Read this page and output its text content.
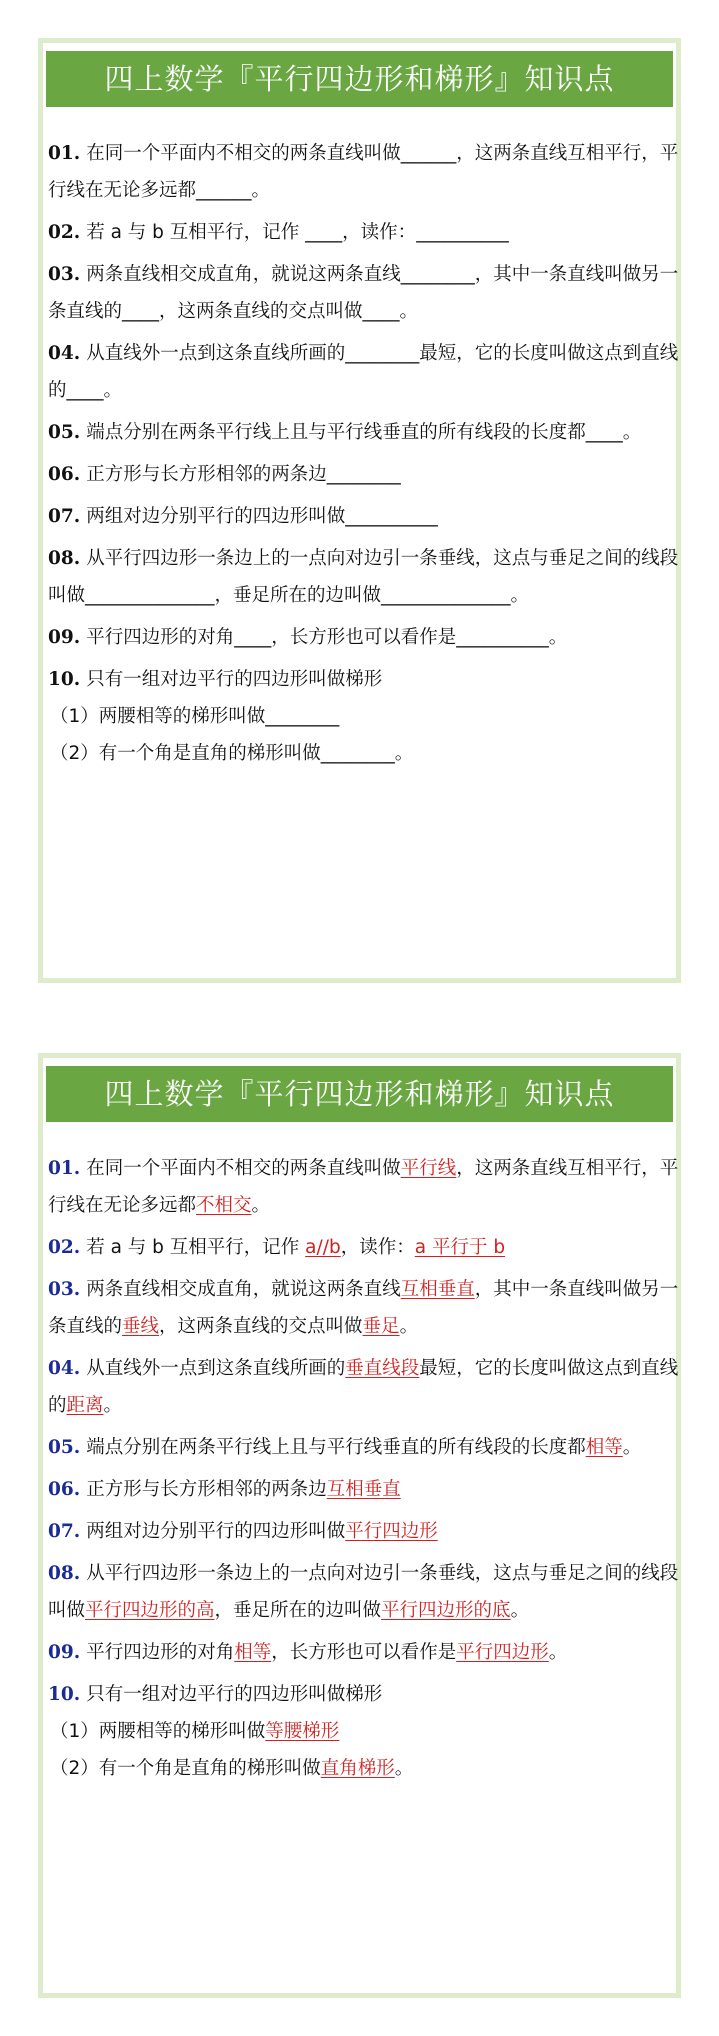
四上数学『平行四边形和梯形』知识点
01. 在同一个平面内不相交的两条直线叫做______，这两条直线互相平行，平行线在无论多远都______。
02. 若 a 与 b 互相平行，记作 ____，读作：__________
03. 两条直线相交成直角，就说这两条直线________，其中一条直线叫做另一条直线的____，这两条直线的交点叫做____。
04. 从直线外一点到这条直线所画的________最短，它的长度叫做这点到直线的____。
05. 端点分别在两条平行线上且与平行线垂直的所有线段的长度都____。
06. 正方形与长方形相邻的两条边________
07. 两组对边分别平行的四边形叫做__________
08. 从平行四边形一条边上的一点向对边引一条垂线，这点与垂足之间的线段叫做______________，垂足所在的边叫做______________。
09. 平行四边形的对角____，长方形也可以看作是__________。
10. 只有一组对边平行的四边形叫做梯形
（1）两腰相等的梯形叫做________
（2）有一个角是直角的梯形叫做________。
四上数学『平行四边形和梯形』知识点
01. 在同一个平面内不相交的两条直线叫做平行线，这两条直线互相平行，平行线在无论多远都不相交。
02. 若 a 与 b 互相平行，记作 a//b，读作：a 平行于 b
03. 两条直线相交成直角，就说这两条直线互相垂直，其中一条直线叫做另一条直线的垂线，这两条直线的交点叫做垂足。
04. 从直线外一点到这条直线所画的垂直线段最短，它的长度叫做这点到直线的距离。
05. 端点分别在两条平行线上且与平行线垂直的所有线段的长度都相等。
06. 正方形与长方形相邻的两条边互相垂直
07. 两组对边分别平行的四边形叫做平行四边形
08. 从平行四边形一条边上的一点向对边引一条垂线，这点与垂足之间的线段叫做平行四边形的高，垂足所在的边叫做平行四边形的底。
09. 平行四边形的对角相等，长方形也可以看作是平行四边形。
10. 只有一组对边平行的四边形叫做梯形
（1）两腰相等的梯形叫做等腰梯形
（2）有一个角是直角的梯形叫做直角梯形。
